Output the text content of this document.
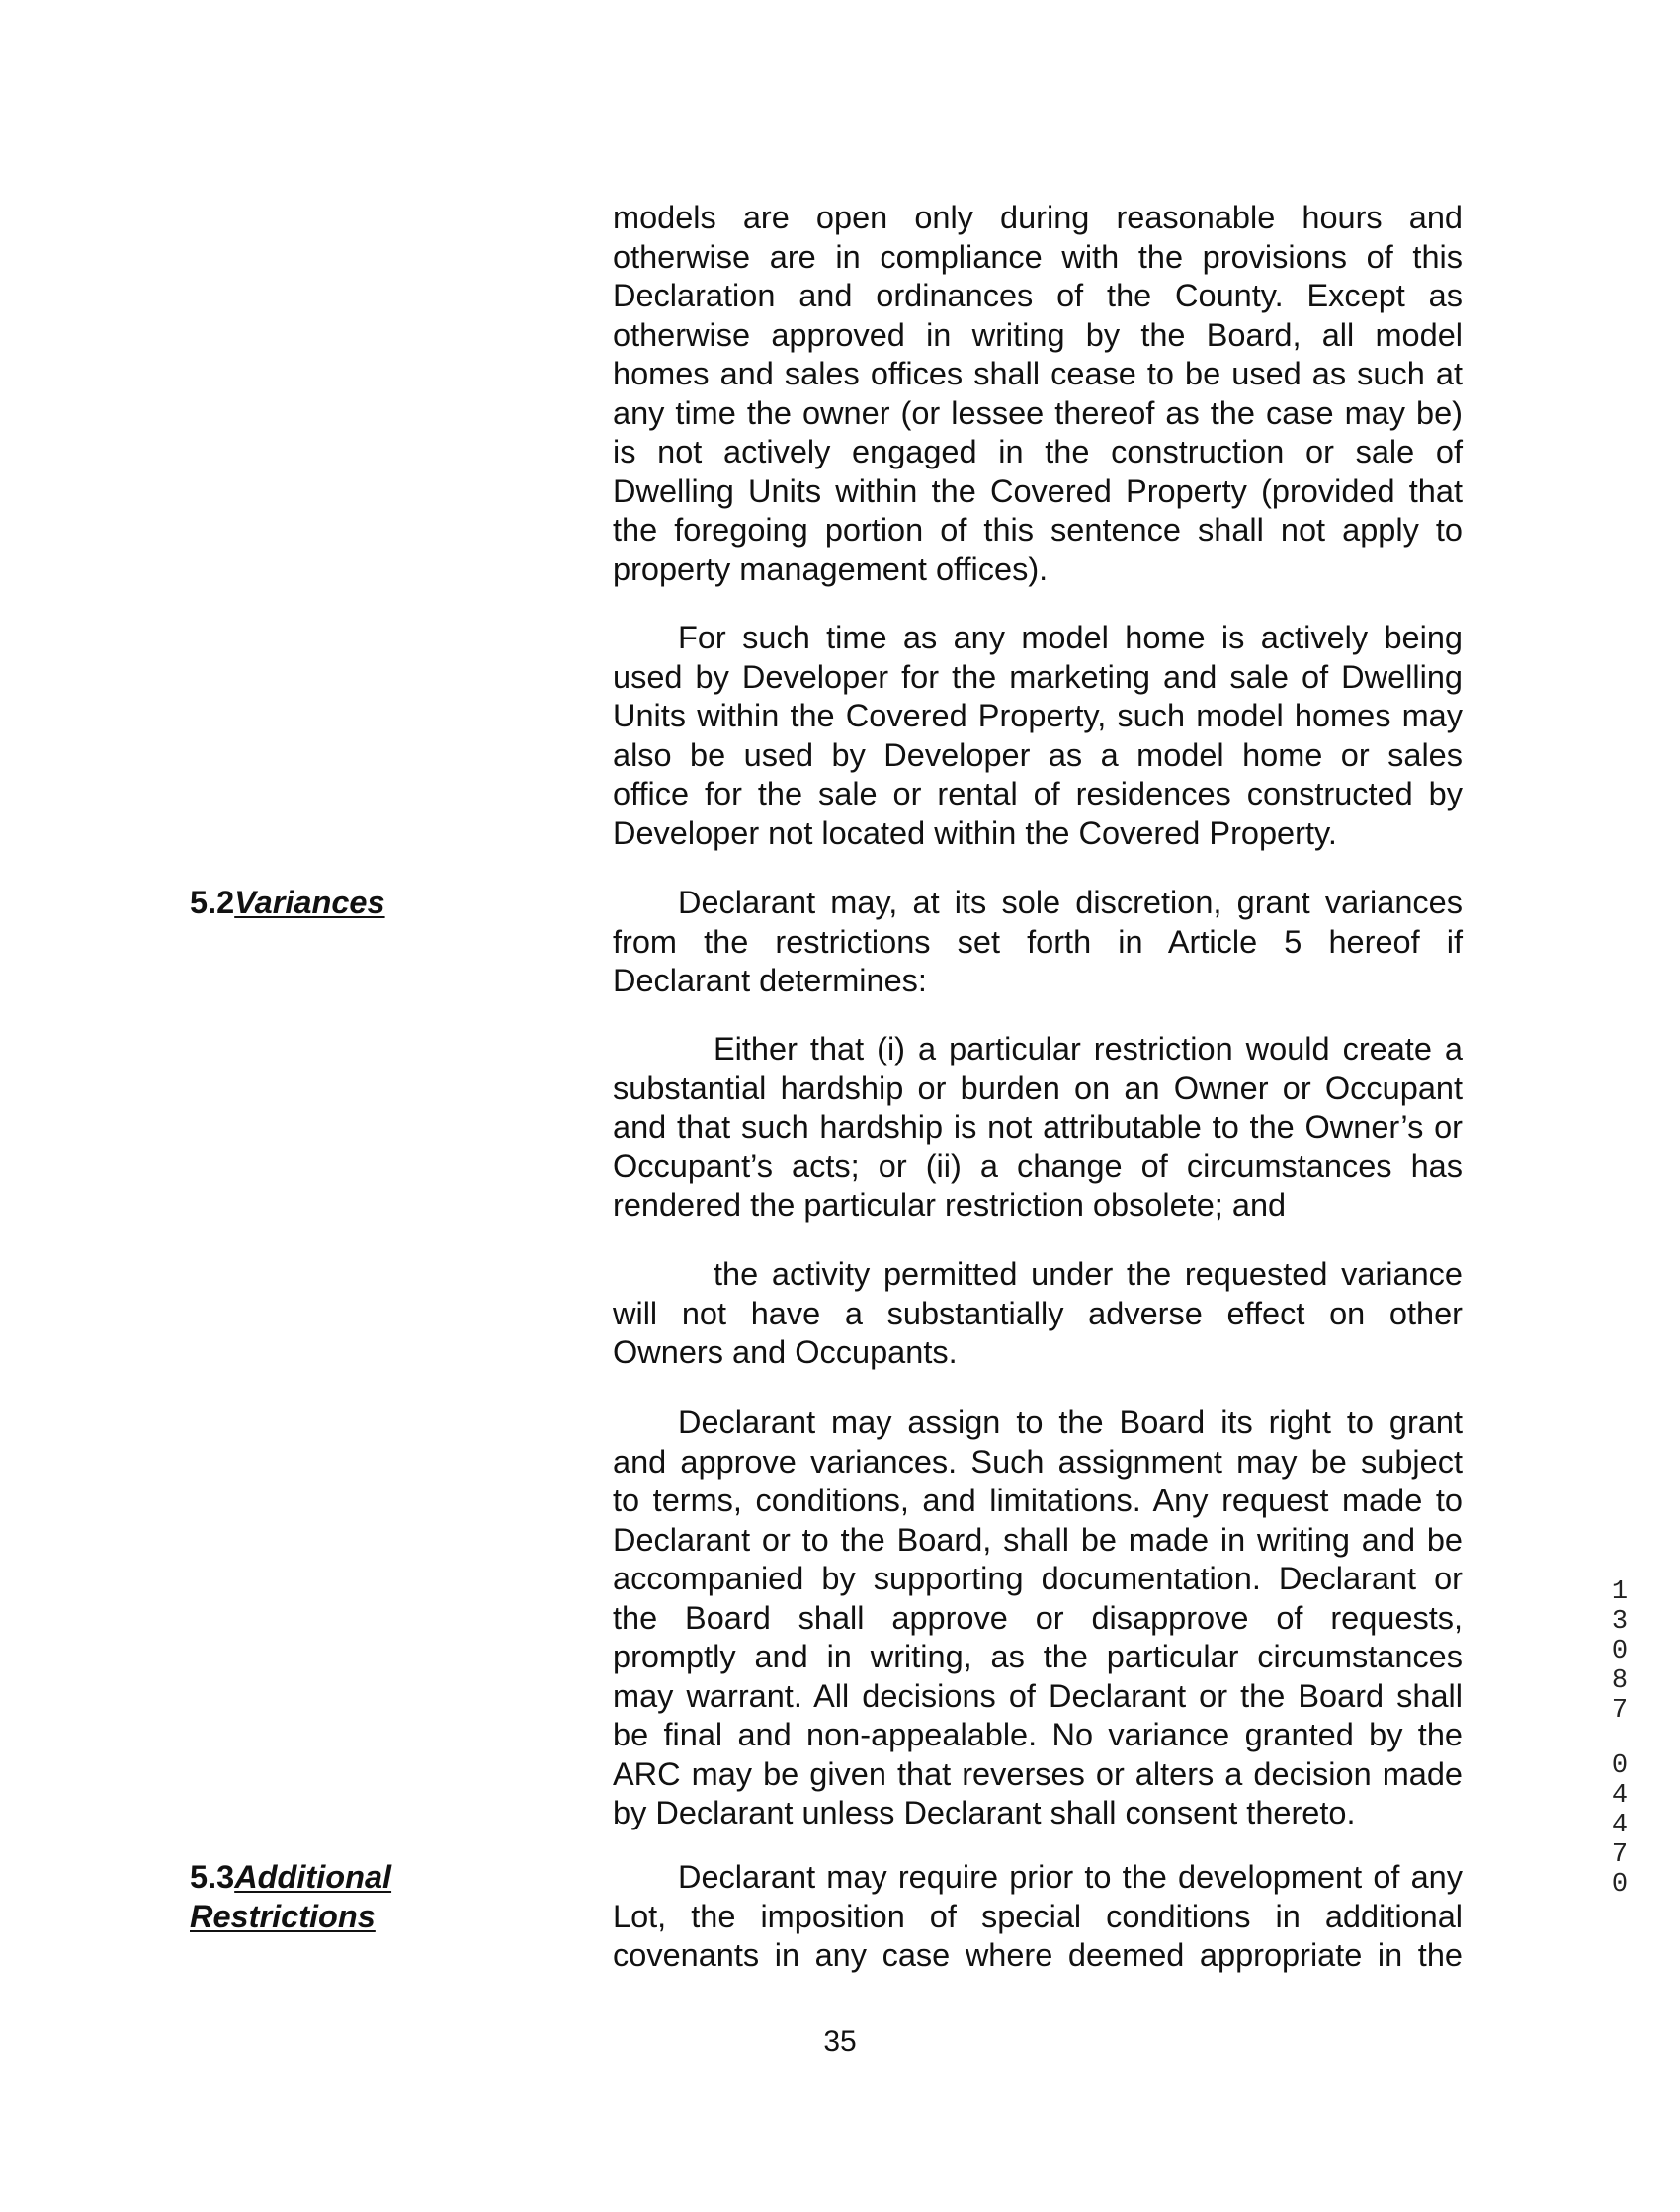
models are open only during reasonable hours and
otherwise are in compliance with the provisions of this
Declaration and ordinances of the County. Except as
otherwise approved in writing by the Board, all model
homes and sales offices shall cease to be used as such at
any time the owner (or lessee thereof as the case may be)
is not actively engaged in the construction or sale of
Dwelling Units within the Covered Property (provided that
the foregoing portion of this sentence shall not apply to
property management offices).
For such time as any model home is actively being
used by Developer for the marketing and sale of Dwelling
Units within the Covered Property, such model homes may
also be used by Developer as a model home or sales
office for the sale or rental of residences constructed by
Developer not located within the Covered Property.
5.2Variances	Declarant may, at its sole discretion, grant variances
from the restrictions set forth in Article 5 hereof if
Declarant determines:
Either that (i) a particular restriction would create a
substantial hardship or burden on an Owner or Occupant
and that such hardship is not attributable to the Owner’s or
Occupant’s acts; or (ii) a change of circumstances has
rendered the particular restriction obsolete; and
the activity permitted under the requested variance
will not have a substantially adverse effect on other
Owners and Occupants.
Declarant may assign to the Board its right to grant
and approve variances. Such assignment may be subject
to terms, conditions, and limitations. Any request made to
Declarant or to the Board, shall be made in writing and be
accompanied by supporting documentation. Declarant or
the Board shall approve or disapprove of requests,
promptly and in writing, as the particular circumstances
may warrant. All decisions of Declarant or the Board shall
be final and non-appealable. No variance granted by the
ARC may be given that reverses or alters a decision made
by Declarant unless Declarant shall consent thereto.
5.3Additional
Restrictions
Declarant may require prior to the development of any
Lot, the imposition of special conditions in additional
covenants in any case where deemed appropriate in the
35
1
3
0
8
7
0
4
4
7
0
